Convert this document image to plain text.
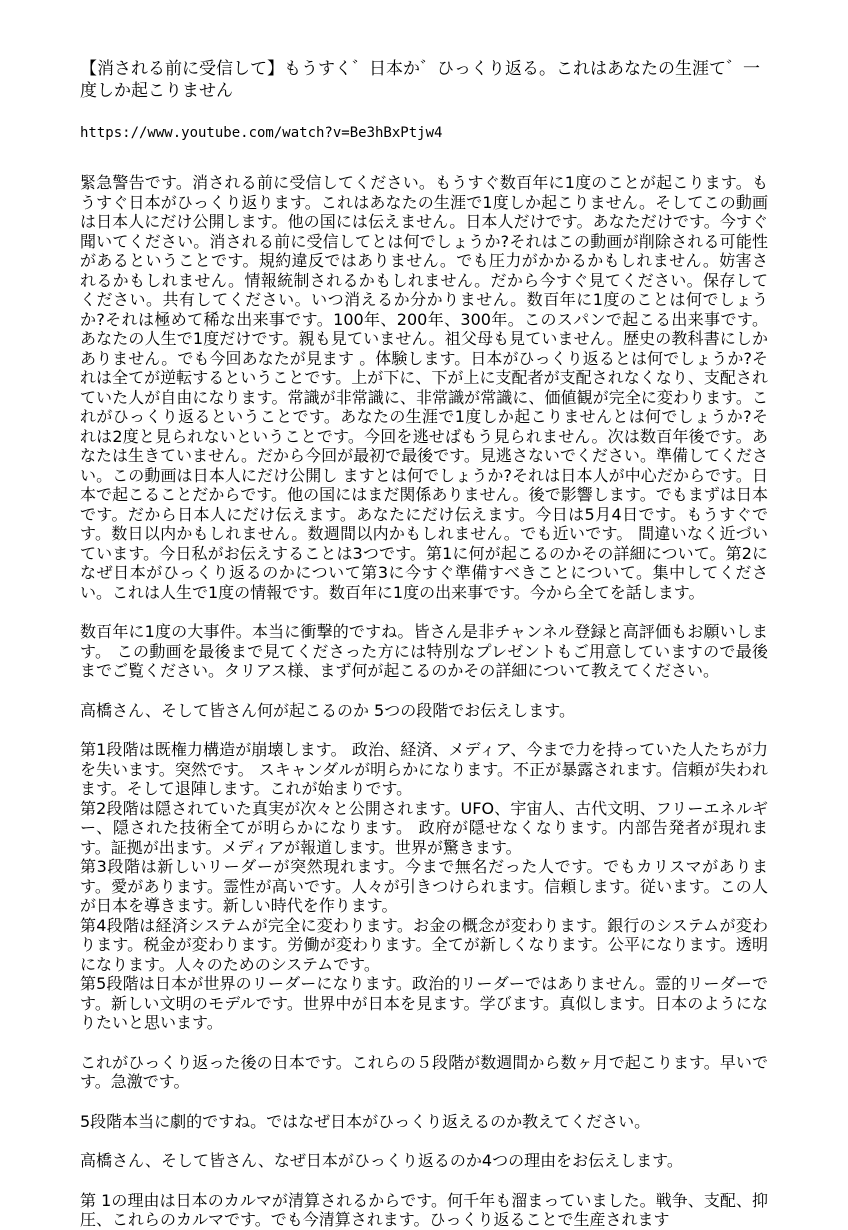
【消される前に受信して】もうすく゛日本か゛ひっくり返る。これはあなたの生涯て゛一度しか起こりません

https://www.youtube.com/watch?v=Be3hBxPtjw4

緊急警告です。消される前に受信してください。もうすぐ数百年に1度のことが起こります。もうすぐ日本がひっくり返ります。これはあなたの生涯で1度しか起こりません。そしてこの動画は日本人にだけ公開します。他の国には伝えません。日本人だけです。あなただけです。今すぐ聞いてください。消される前に受信してとは何でしょうか?それはこの動画が削除される可能性があるということです。規約違反ではありません。でも圧力がかかるかもしれません。妨害されるかもしれません。情報統制されるかもしれません。だから今すぐ見てください。保存してください。共有してください。いつ消えるか分かりません。数百年に1度のことは何でしょうか?それは極めて稀な出来事です。100年、200年、300年。このスパンで起こる出来事です。あなたの人生で1度だけです。親も見ていません。祖父母も見ていません。歴史の教科書にしかありません。でも今回あなたが見ます 。体験します。日本がひっくり返るとは何でしょうか?それは全てが逆転するということです。上が下に、下が上に支配者が支配されなくなり、支配されていた人が自由になります。常識が非常識に、非常識が常識に、価値観が完全に変わります。これがひっくり返るということです。あなたの生涯で1度しか起こりませんとは何でしょうか?それは2度と見られないということです。今回を逃せばもう見られません。次は数百年後です。あなたは生きていません。だから今回が最初で最後です。見逃さないでください。準備してください。この動画は日本人にだけ公開し ますとは何でしょうか?それは日本人が中心だからです。日本で起こることだからです。他の国にはまだ関係ありません。後で影響します。でもまずは日本です。だから日本人にだけ伝えます。あなたにだけ伝えます。今日は5月4日です。もうすぐです。数日以内かもしれません。数週間以内かもしれません。でも近いです。 間違いなく近づいています。今日私がお伝えすることは3つです。第1に何が起こるのかその詳細について。第2になぜ日本がひっくり返るのかについて第3に今すぐ準備すべきことについて。集中してください。これは人生で1度の情報です。数百年に1度の出来事です。今から全てを話します。

数百年に1度の大事件。本当に衝撃的ですね。皆さん是非チャンネル登録と高評価もお願いします。 この動画を最後まで見てくださった方には特別なプレゼントもご用意していますので最後までご覧ください。タリアス様、まず何が起こるのかその詳細について教えてください。

高橋さん、そして皆さん何が起こるのか 5つの段階でお伝えします。

第1段階は既権力構造が崩壊します。 政治、経済、メディア、今まで力を持っていた人たちが力を失います。突然です。 スキャンダルが明らかになります。不正が暴露されます。信頼が失われます。そして退陣します。これが始まりです。
第2段階は隠されていた真実が次々と公開されます。UFO、宇宙人、古代文明、フリーエネルギー、隠された技術全てが明らかになります。 政府が隠せなくなります。内部告発者が現れます。証拠が出ます。メディアが報道します。世界が驚きます。
第3段階は新しいリーダーが突然現れます。今まで無名だった人です。でもカリスマがあります。愛があります。霊性が高いです。人々が引きつけられます。信頼します。従います。この人が日本を導きます。新しい時代を作ります。
第4段階は経済システムが完全に変わります。お金の概念が変わります。銀行のシステムが変わります。税金が変わります。労働が変わります。全てが新しくなります。公平になります。透明になります。人々のためのシステムです。
第5段階は日本が世界のリーダーになります。政治的リーダーではありません。霊的リーダーです。新しい文明のモデルです。世界中が日本を見ます。学びます。真似します。日本のようになりたいと思います。

これがひっくり返った後の日本です。これらの５段階が数週間から数ヶ月で起こります。早いです。急激です。

5段階本当に劇的ですね。ではなぜ日本がひっくり返えるのか教えてください。

高橋さん、そして皆さん、なぜ日本がひっくり返るのか4つの理由をお伝えします。

第 1の理由は日本のカルマが清算されるからです。何千年も溜まっていました。戦争、支配、抑圧、これらのカルマです。でも今清算されます。ひっくり返ることで生産されます
